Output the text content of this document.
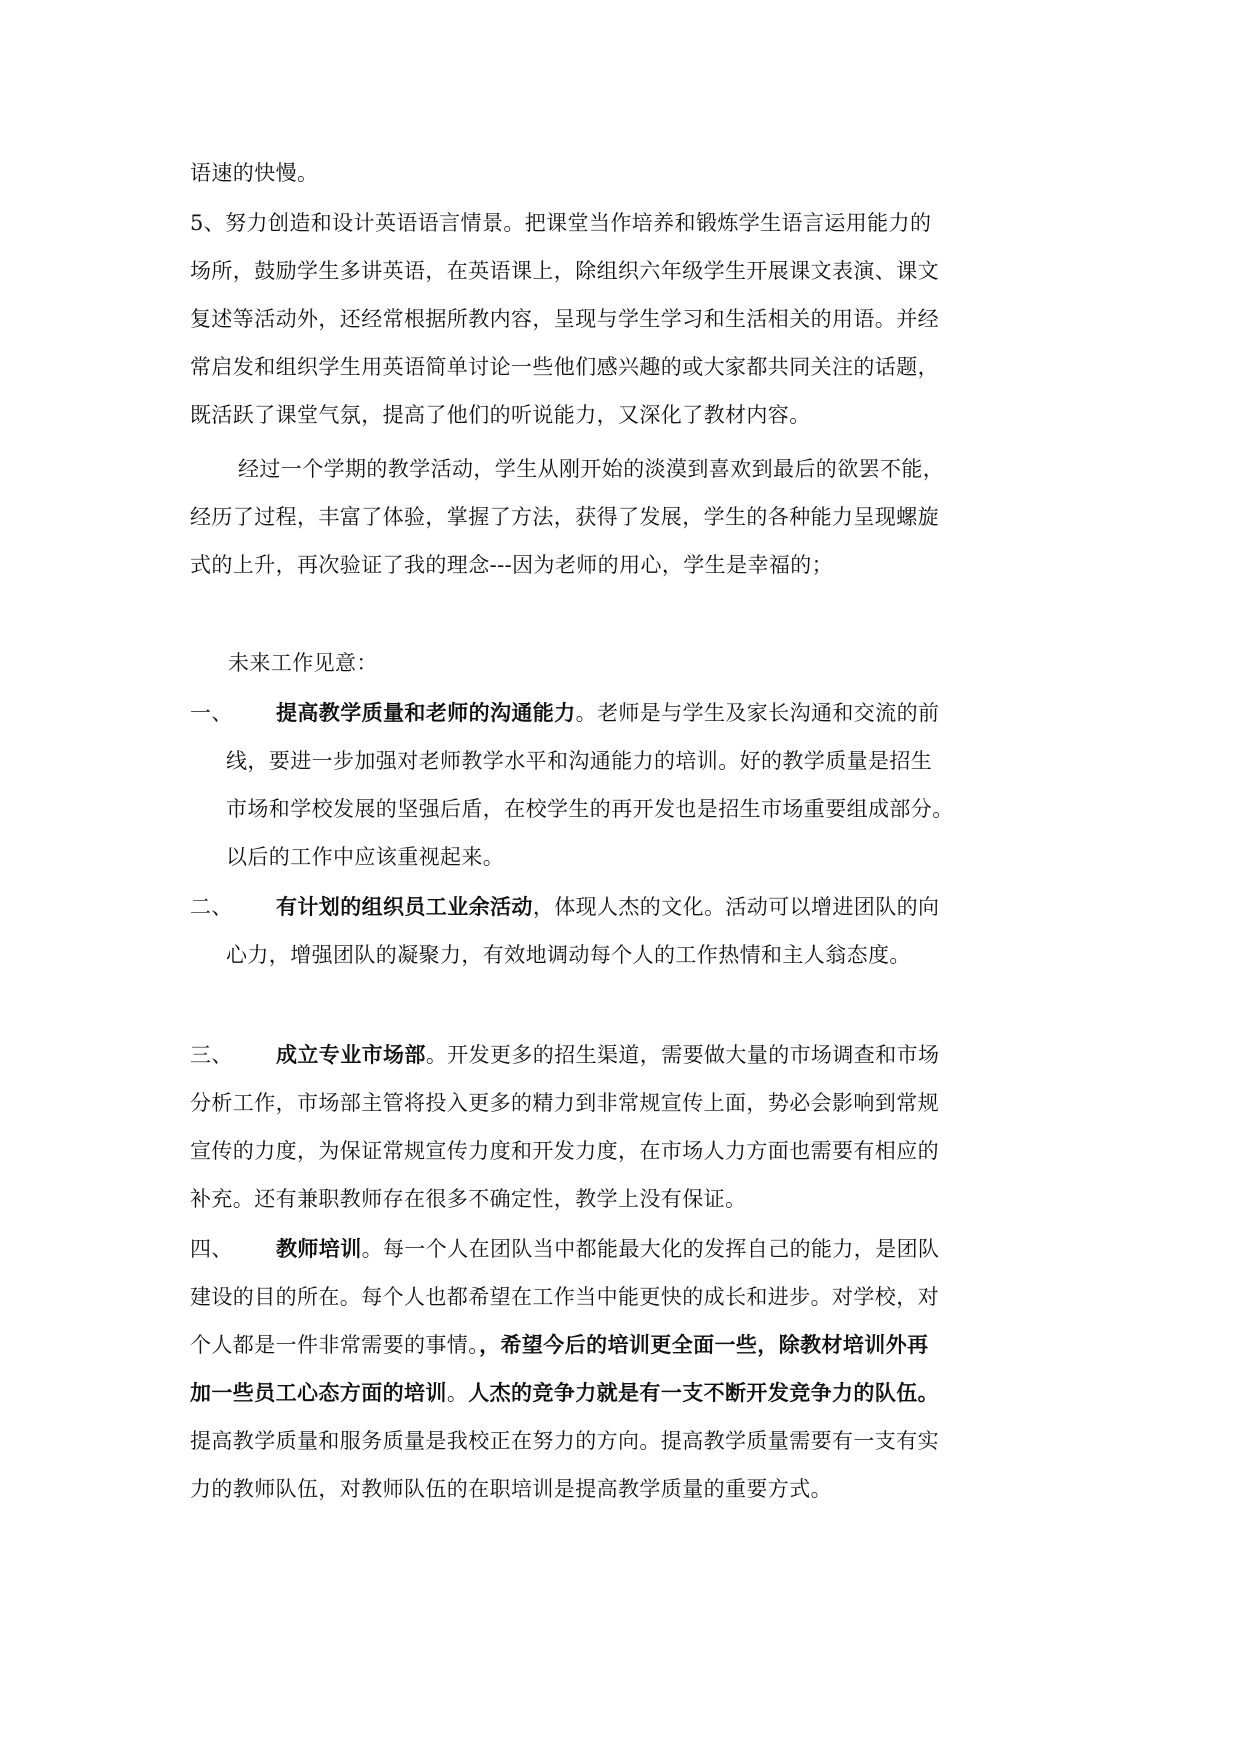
语速的快慢。
5、努力创造和设计英语语言情景。把课堂当作培养和锻炼学生语言运用能力的
场所，鼓励学生多讲英语，在英语课上，除组织六年级学生开展课文表演、课文
复述等活动外，还经常根据所教内容，呈现与学生学习和生活相关的用语。并经
常启发和组织学生用英语简单讨论一些他们感兴趣的或大家都共同关注的话题，
既活跃了课堂气氛，提高了他们的听说能力，又深化了教材内容。
经过一个学期的教学活动，学生从刚开始的淡漠到喜欢到最后的欲罢不能，
经历了过程，丰富了体验，掌握了方法，获得了发展，学生的各种能力呈现螺旋
式的上升，再次验证了我的理念---因为老师的用心，学生是幸福的；
未来工作见意：
一、 提高教学质量和老师的沟通能力。老师是与学生及家长沟通和交流的前
线，要进一步加强对老师教学水平和沟通能力的培训。好的教学质量是招生
市场和学校发展的坚强后盾，在校学生的再开发也是招生市场重要组成部分。
以后的工作中应该重视起来。
二、 有计划的组织员工业余活动，体现人杰的文化。活动可以增进团队的向
心力，增强团队的凝聚力，有效地调动每个人的工作热情和主人翁态度。
三、 成立专业市场部。开发更多的招生渠道，需要做大量的市场调查和市场
分析工作，市场部主管将投入更多的精力到非常规宣传上面，势必会影响到常规
宣传的力度，为保证常规宣传力度和开发力度，在市场人力方面也需要有相应的
补充。还有兼职教师存在很多不确定性，教学上没有保证。
四、 教师培训。每一个人在团队当中都能最大化的发挥自己的能力，是团队
建设的目的所在。每个人也都希望在工作当中能更快的成长和进步。对学校，对
个人都是一件非常需要的事情。，希望今后的培训更全面一些，除教材培训外再
加一些员工心态方面的培训。人杰的竞争力就是有一支不断开发竞争力的队伍。
提高教学质量和服务质量是我校正在努力的方向。提高教学质量需要有一支有实
力的教师队伍，对教师队伍的在职培训是提高教学质量的重要方式。
